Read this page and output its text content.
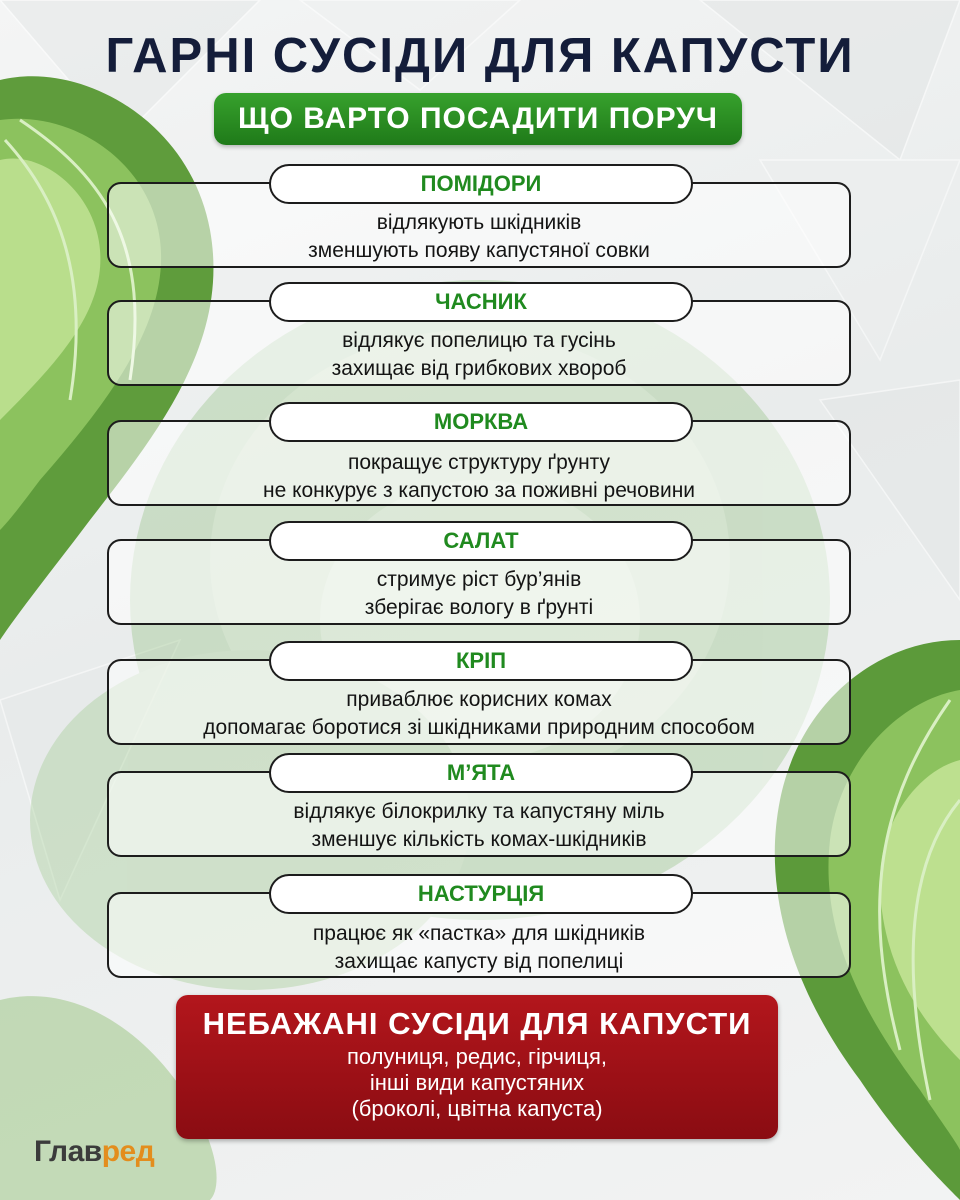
ГАРНІ СУСІДИ ДЛЯ КАПУСТИ
ЩО ВАРТО ПОСАДИТИ ПОРУЧ
ПОМІДОРИ
відлякують шкідників
зменшують появу капустяної совки
ЧАСНИК
відлякує попелицю та гусінь
захищає від грибкових хвороб
МОРКВА
покращує структуру ґрунту
не конкурує з капустою за поживні речовини
САЛАТ
стримує ріст бур’янів
зберігає вологу в ґрунті
КРІП
приваблює корисних комах
допомагає боротися зі шкідниками природним способом
М’ЯТА
відлякує білокрилку та капустяну міль
зменшує кількість комах-шкідників
НАСТУРЦІЯ
працює як «пастка» для шкідників
захищає капусту від попелиці
НЕБАЖАНІ СУСІДИ ДЛЯ КАПУСТИ
полуниця, редис, гірчиця,
інші види капустяних
(броколі, цвітна капуста)
Главред
